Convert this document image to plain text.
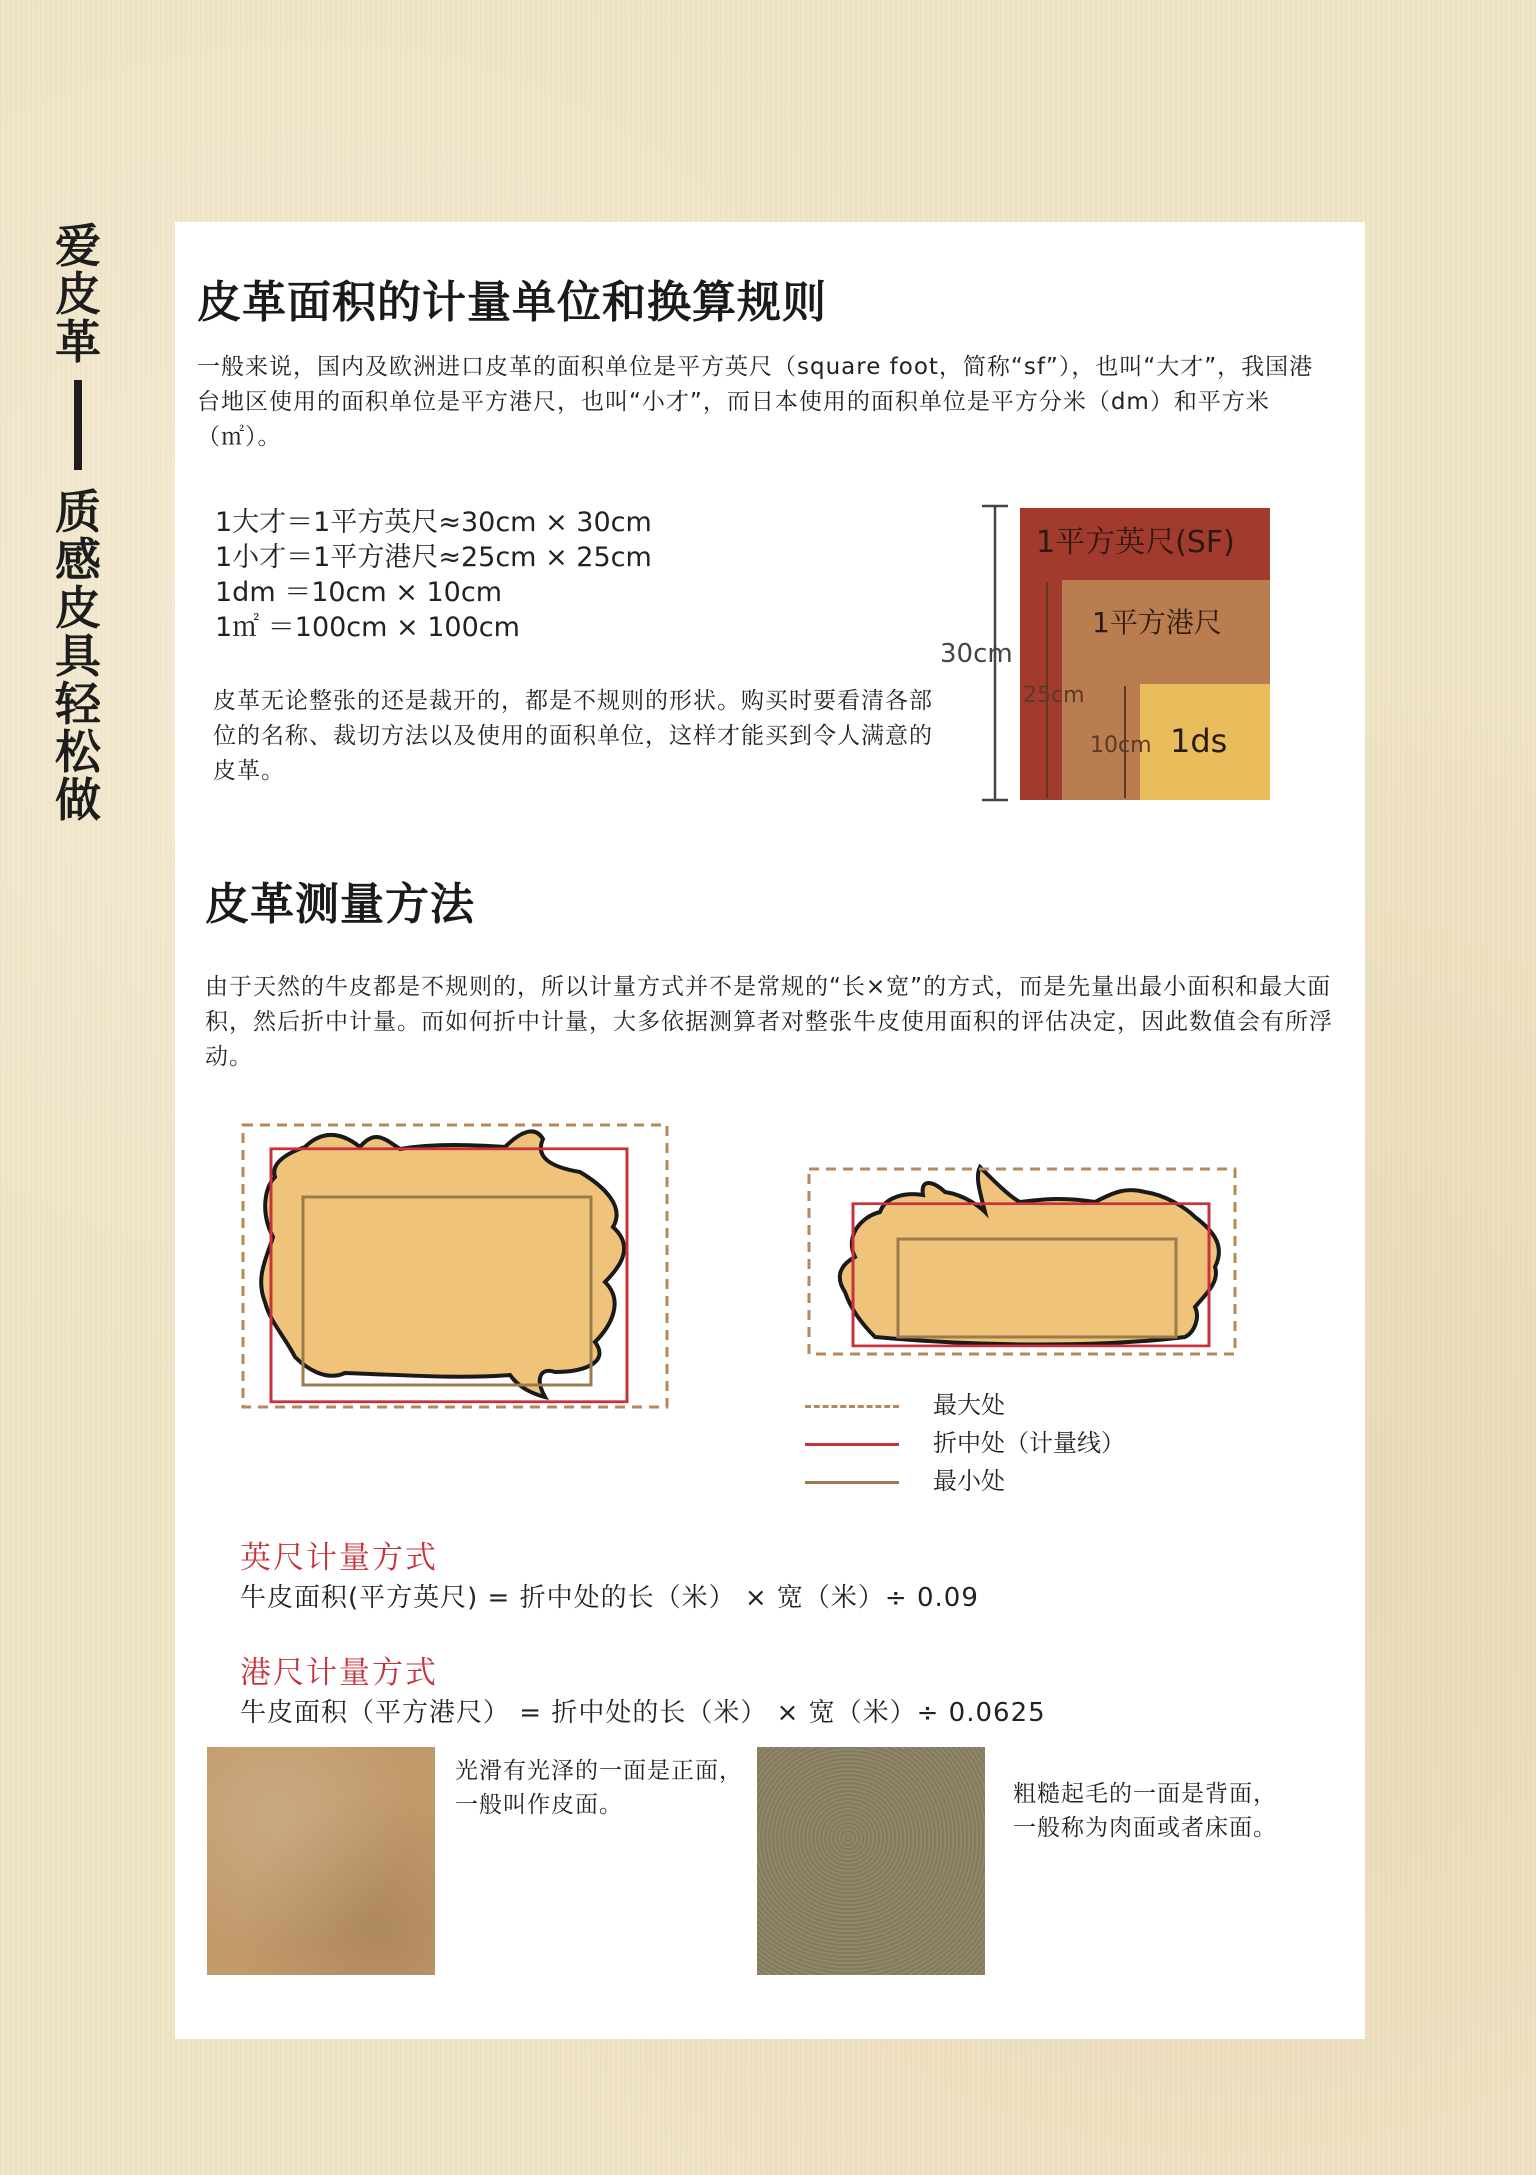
爱皮革
质感皮具轻松做
皮革面积的计量单位和换算规则
一般来说，国内及欧洲进口皮革的面积单位是平方英尺（square foot，简称“sf”），也叫“大才”，我国港台地区使用的面积单位是平方港尺，也叫“小才”，而日本使用的面积单位是平方分米（dm）和平方米（㎡）。
1大才＝1平方英尺≈30cm × 30cm
1小才＝1平方港尺≈25cm × 25cm
1dm ＝10cm × 10cm
1㎡ ＝100cm × 100cm
皮革无论整张的还是裁开的，都是不规则的形状。购买时要看清各部位的名称、裁切方法以及使用的面积单位，这样才能买到令人满意的皮革。
30cm
1平方英尺(SF)
1平方港尺
25cm
1ds
10cm
皮革测量方法
由于天然的牛皮都是不规则的，所以计量方式并不是常规的“长×宽”的方式，而是先量出最小面积和最大面积，然后折中计量。而如何折中计量，大多依据测算者对整张牛皮使用面积的评估决定，因此数值会有所浮动。
最大处
折中处（计量线）
最小处
英尺计量方式
牛皮面积(平方英尺) = 折中处的长（米） × 宽（米）÷ 0.09
港尺计量方式
牛皮面积（平方港尺） = 折中处的长（米） × 宽（米）÷ 0.0625
光滑有光泽的一面是正面，一般叫作皮面。	粗糙起毛的一面是背面，一般称为肉面或者床面。
